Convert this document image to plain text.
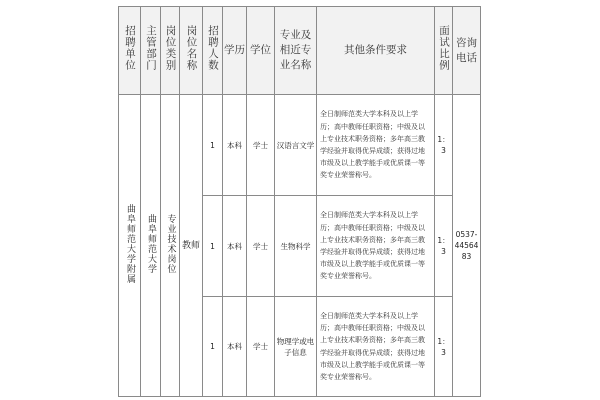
招聘单位	主管部门	岗位类别	岗位名称	招聘人数	学历	学位	专业及相近专业名称	其他条件要求	面试比例	咨询电话
曲阜师范大学附属	曲阜师范大学	专业技术岗位	教师	1	本科	学士	汉语言文学	全日制师范类大学本科及以上学历；高中教师任职资格；中级及以上专业技术职务资格；多年高三教学经验并取得优异成绩；获得过地市级及以上教学能手或优质课一等奖专业荣誉称号。	1：3	0537-4456483

				1	本科	学士	生物科学	全日制师范类大学本科及以上学历；高中教师任职资格；中级及以上专业技术职务资格；多年高三教学经验并取得优异成绩；获得过地市级及以上教学能手或优质课一等奖专业荣誉称号。	1：3	
				1	本科	学士	物理学或电子信息	全日制师范类大学本科及以上学历；高中教师任职资格；中级及以上专业技术职务资格；多年高三教学经验并取得优异成绩；获得过地市级及以上教学能手或优质课一等奖专业荣誉称号。	1：3	
